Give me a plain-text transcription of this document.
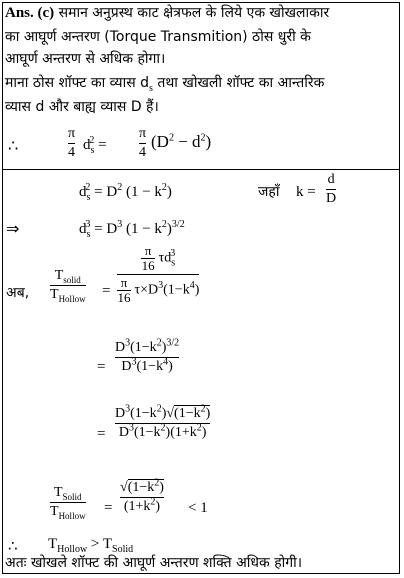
Ans. (c) समान अनुप्रस्थ काट क्षेत्रफल के लिये एक खोखलाकार
का आघूर्ण अन्तरण (Torque Transmition) ठोस धुरी के
आघूर्ण अन्तरण से अधिक होगा।
माना ठोस शॉफ्ट का व्यास $d_s$ तथा खोखली शॉफ्ट का आन्तरिक
व्यास d और बाह्य व्यास D हैं।
∴
π
4 $d_s^2$ =
π
4
$(D^2 - d^2)$
$d_s^2 = D^2$ $(1 - k^2)$	जहाँ k =
d
D
⇒	$d_s^3 = D^3$ $(1 - k^2)^{3/2}$
अब,
$T_{solid}$
$T_{Hollow}$ =
$\frac{\pi}{16} \tau d_s^3$
$\frac{\pi}{16} \tau\times D^3(1-k^4)$
=
$D^3(1-k^2)^{3/2}$
$D^3(1-k^4)$
=
$D^3(1-k^2)√(1-k^2)$
$D^3(1-k^2)(1+k^2)$
$T_{Solid}$
$T_{Hollow}$ =
$√(1-k^2)$
$(1+k^2) < 1$
∴ $T_{Hollow} > T_{Solid}$
अतः खोखले शॉफ्ट की आघूर्ण अन्तरण शक्ति अधिक होगी।
